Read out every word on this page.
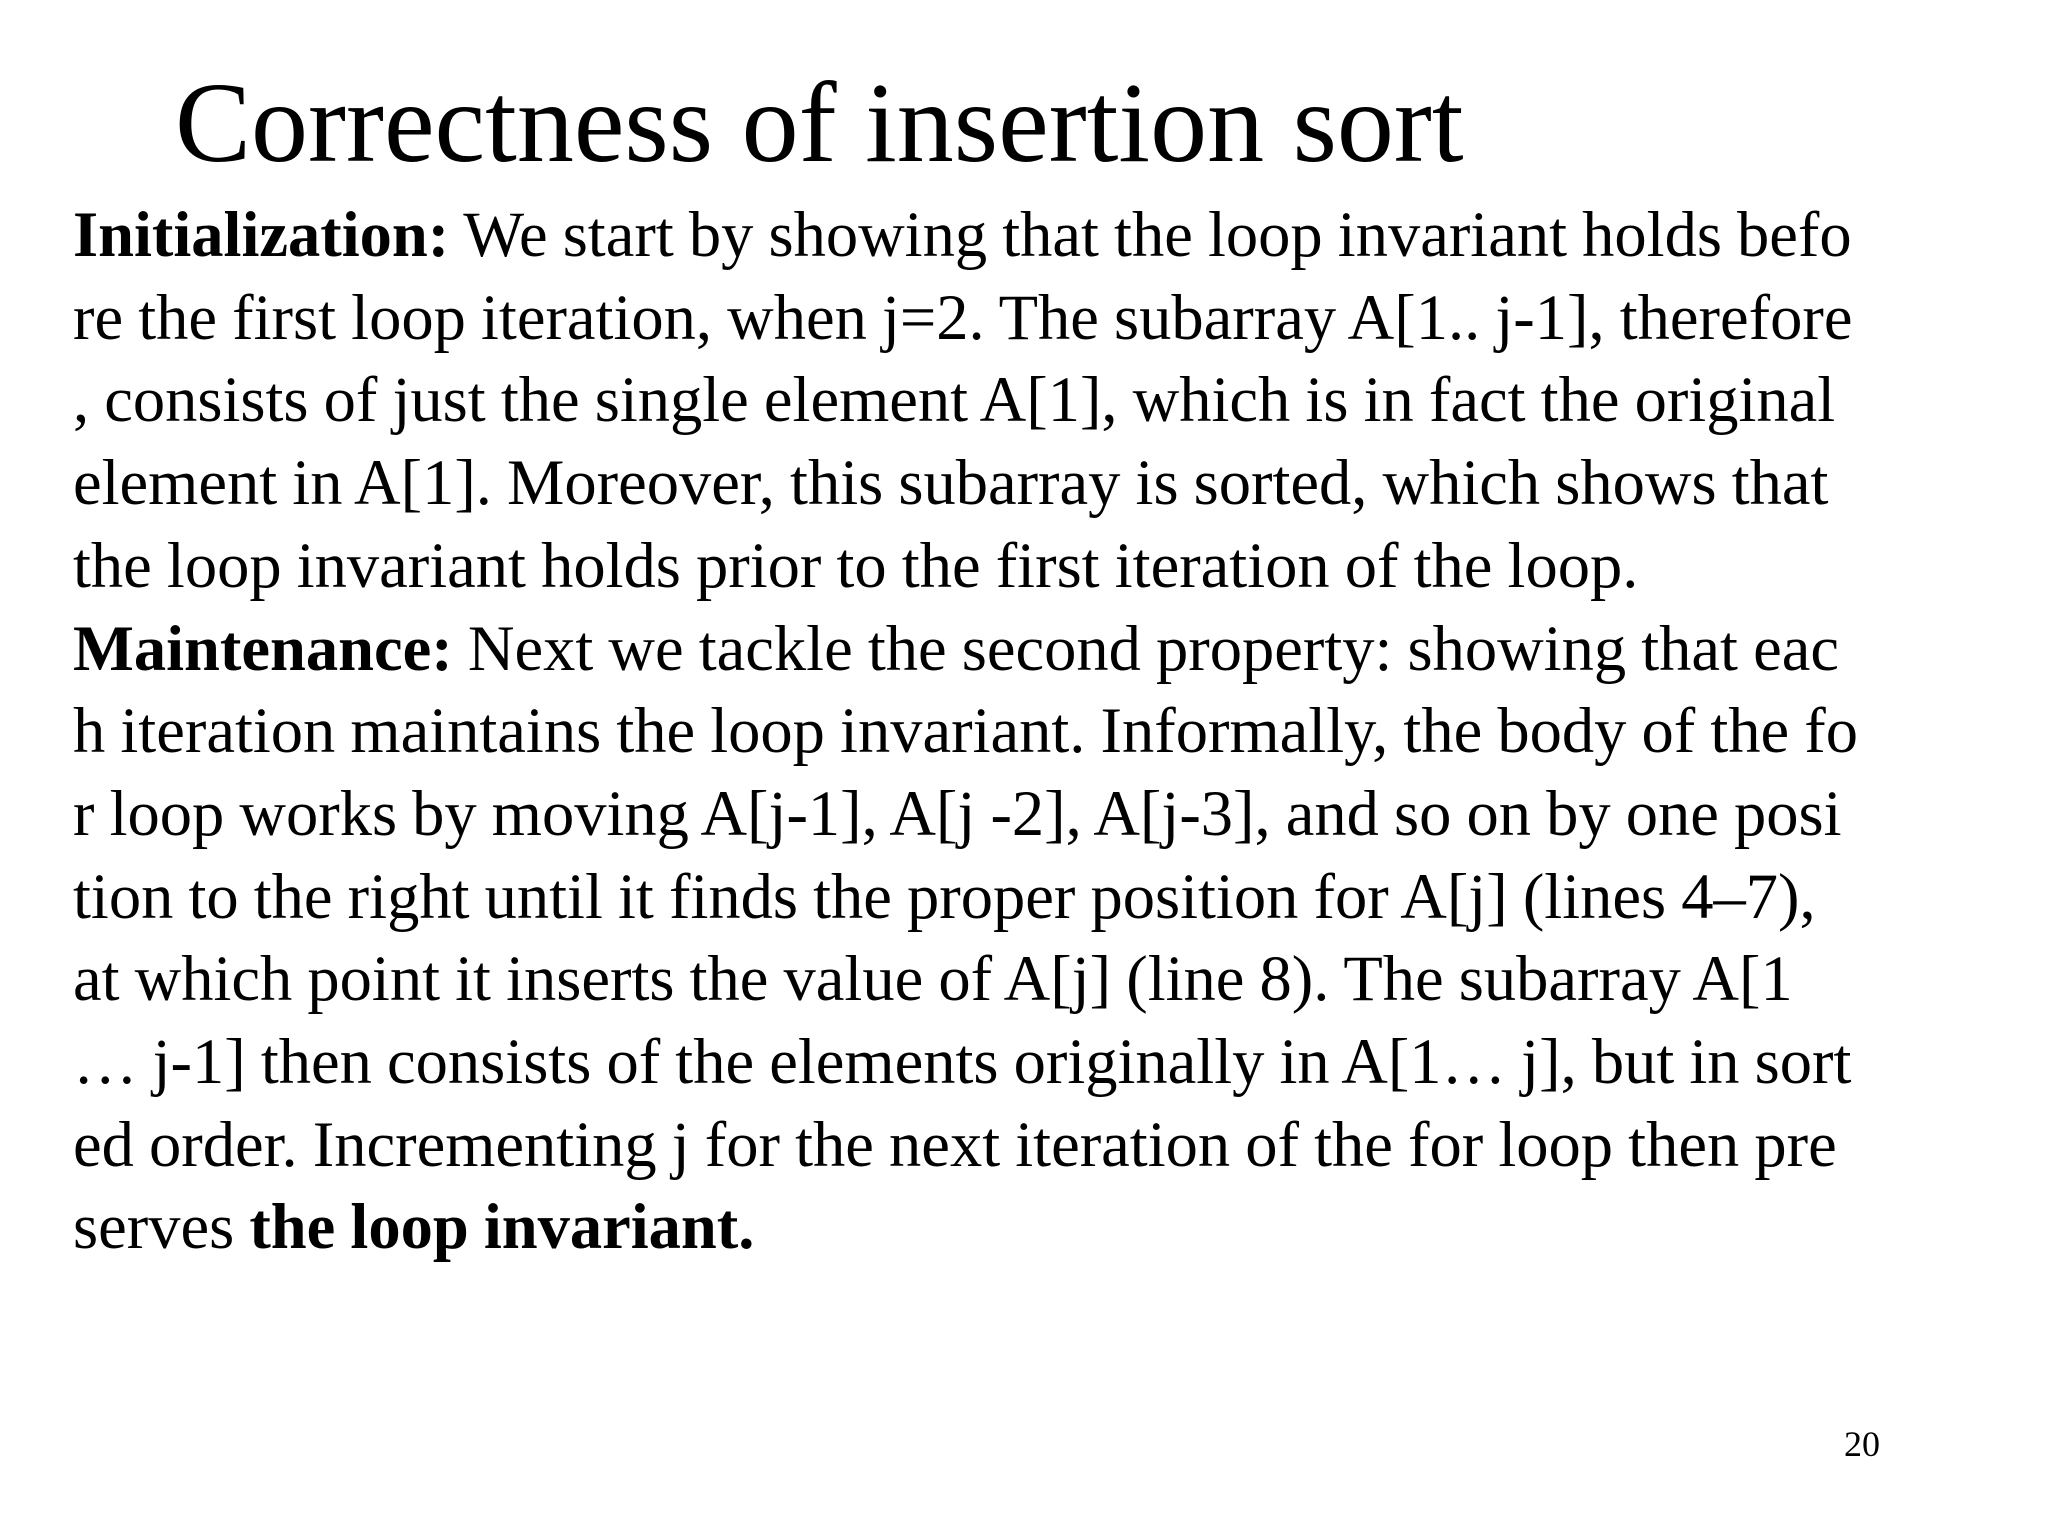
Correctness of insertion sort
Initialization: We start by showing that the loop invariant holds befo
re the first loop iteration, when j=2. The subarray A[1.. j-1], therefore
, consists of just the single element A[1], which is in fact the original
element in A[1]. Moreover, this subarray is sorted, which shows that
the loop invariant holds prior to the first iteration of the loop.
Maintenance: Next we tackle the second property: showing that eac
h iteration maintains the loop invariant. Informally, the body of the fo
r loop works by moving A[j-1], A[j -2], A[j-3], and so on by one posi
tion to the right until it finds the proper position for A[j] (lines 4–7),
at which point it inserts the value of A[j] (line 8). The subarray A[1
… j-1] then consists of the elements originally in A[1… j], but in sort
ed order. Incrementing j for the next iteration of the for loop then pre
serves the loop invariant.
20
